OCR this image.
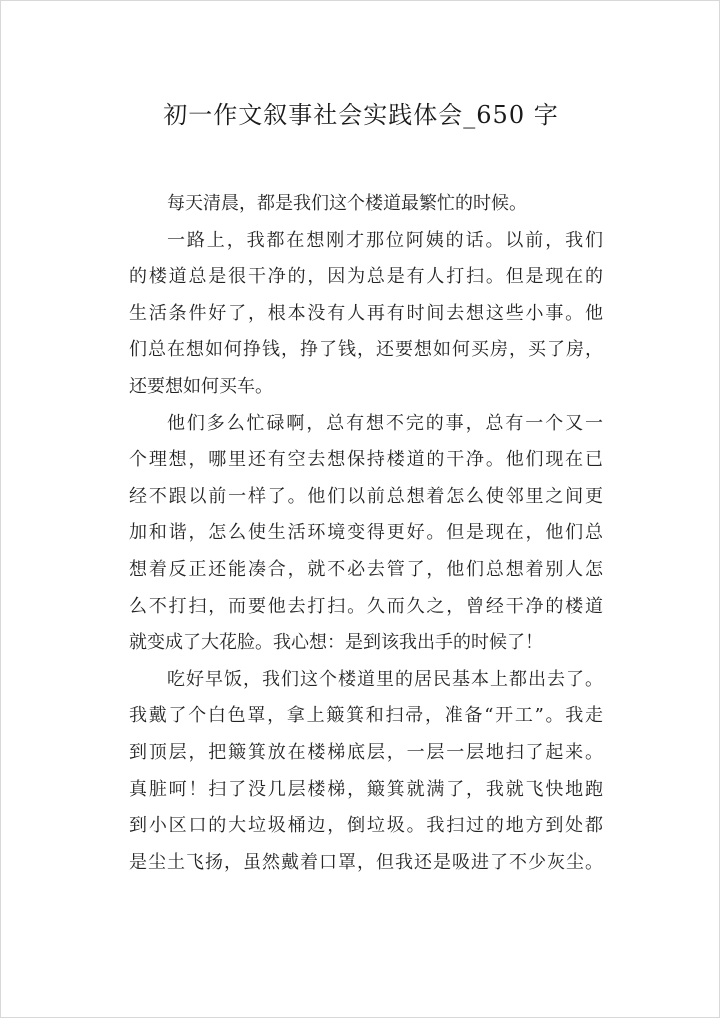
初一作文叙事社会实践体会_650 字
每天清晨，都是我们这个楼道最繁忙的时候。
一路上，我都在想刚才那位阿姨的话。以前，我们
的楼道总是很干净的，因为总是有人打扫。但是现在的
生活条件好了，根本没有人再有时间去想这些小事。他
们总在想如何挣钱，挣了钱，还要想如何买房，买了房，
还要想如何买车。
他们多么忙碌啊，总有想不完的事，总有一个又一
个理想，哪里还有空去想保持楼道的干净。他们现在已
经不跟以前一样了。他们以前总想着怎么使邻里之间更
加和谐，怎么使生活环境变得更好。但是现在，他们总
想着反正还能凑合，就不必去管了，他们总想着别人怎
么不打扫，而要他去打扫。久而久之，曾经干净的楼道
就变成了大花脸。我心想：是到该我出手的时候了！
吃好早饭，我们这个楼道里的居民基本上都出去了。
我戴了个白色罩，拿上簸箕和扫帚，准备“开工”。我走
到顶层，把簸箕放在楼梯底层，一层一层地扫了起来。
真脏呵！扫了没几层楼梯，簸箕就满了，我就飞快地跑
到小区口的大垃圾桶边，倒垃圾。我扫过的地方到处都
是尘土飞扬，虽然戴着口罩，但我还是吸进了不少灰尘。
